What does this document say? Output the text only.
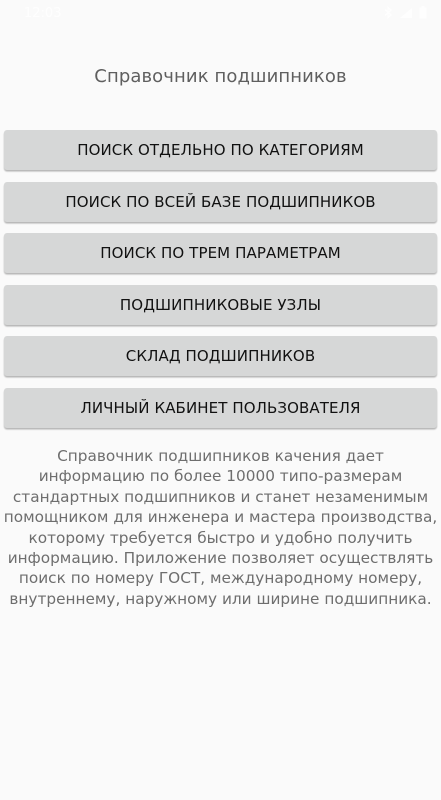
12:03
Справочник подшипников
ПОИСК ОТДЕЛЬНО ПО КАТЕГОРИЯМ
ПОИСК ПО ВСЕЙ БАЗЕ ПОДШИПНИКОВ
ПОИСК ПО ТРЕМ ПАРАМЕТРАМ
ПОДШИПНИКОВЫЕ УЗЛЫ
СКЛАД ПОДШИПНИКОВ
ЛИЧНЫЙ КАБИНЕТ ПОЛЬЗОВАТЕЛЯ

Справочник подшипников качения дает информацию по более 10000 типо-размерам стандартных подшипников и станет незаменимым помощником для инженера и мастера производства, которому требуется быстро и удобно получить информацию. Приложение позволяет осуществлять поиск по номеру ГОСТ, международному номеру, внутреннему, наружному или ширине подшипника.
